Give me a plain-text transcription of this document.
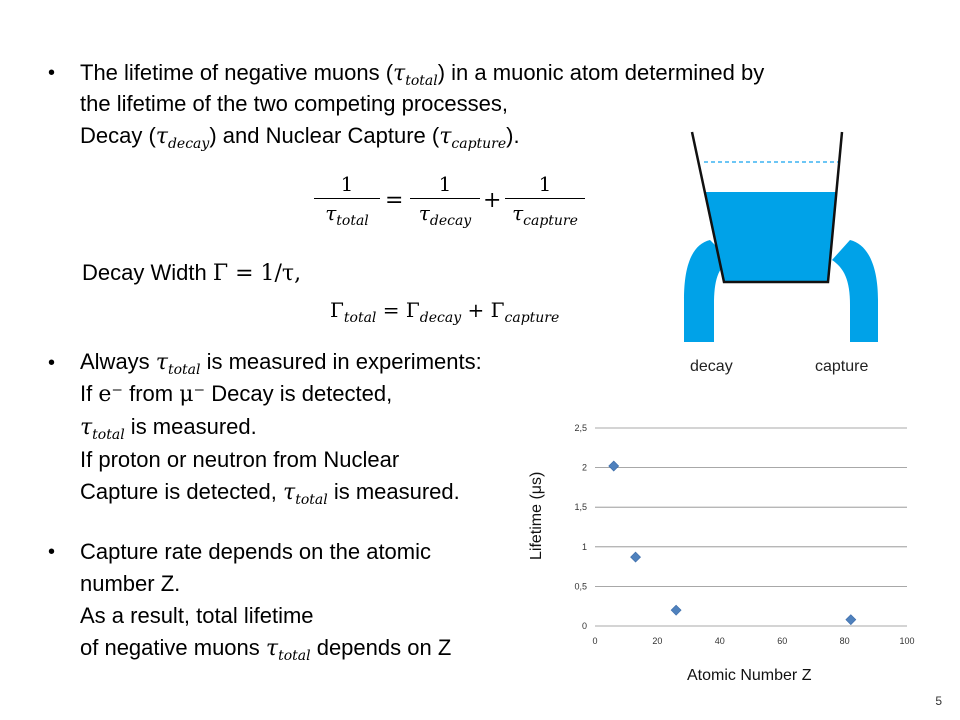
• The lifetime of negative muons $(\tau_{total})$ in a muonic atom determined by
the lifetime of the two competing processes,
Decay $(\tau_{decay})$ and Nuclear Capture $(\tau_{capture})$.
1
$\tau_{total}$
=
1
$\tau_{decay}$
+
1
$\tau_{capture}$
Decay Width Γ = 1/τ,
$\Gamma_{total} = \Gamma_{decay} + \Gamma_{capture}$
• Always $\tau_{total}$ is measured in experiments:
If e⁻ from μ⁻ Decay is detected,
$\tau_{total}$ is measured.
If proton or neutron from Nuclear
Capture is detected, $\tau_{total}$ is measured.
• Capture rate depends on the atomic
number Z.
As a result, total lifetime
of negative muons $\tau_{total}$ depends on Z
decay	capture
0
0,5
1
1,5
2
2,5
0	20	40	60	80	100
Lifetime (μs)
Atomic Number Z
5
